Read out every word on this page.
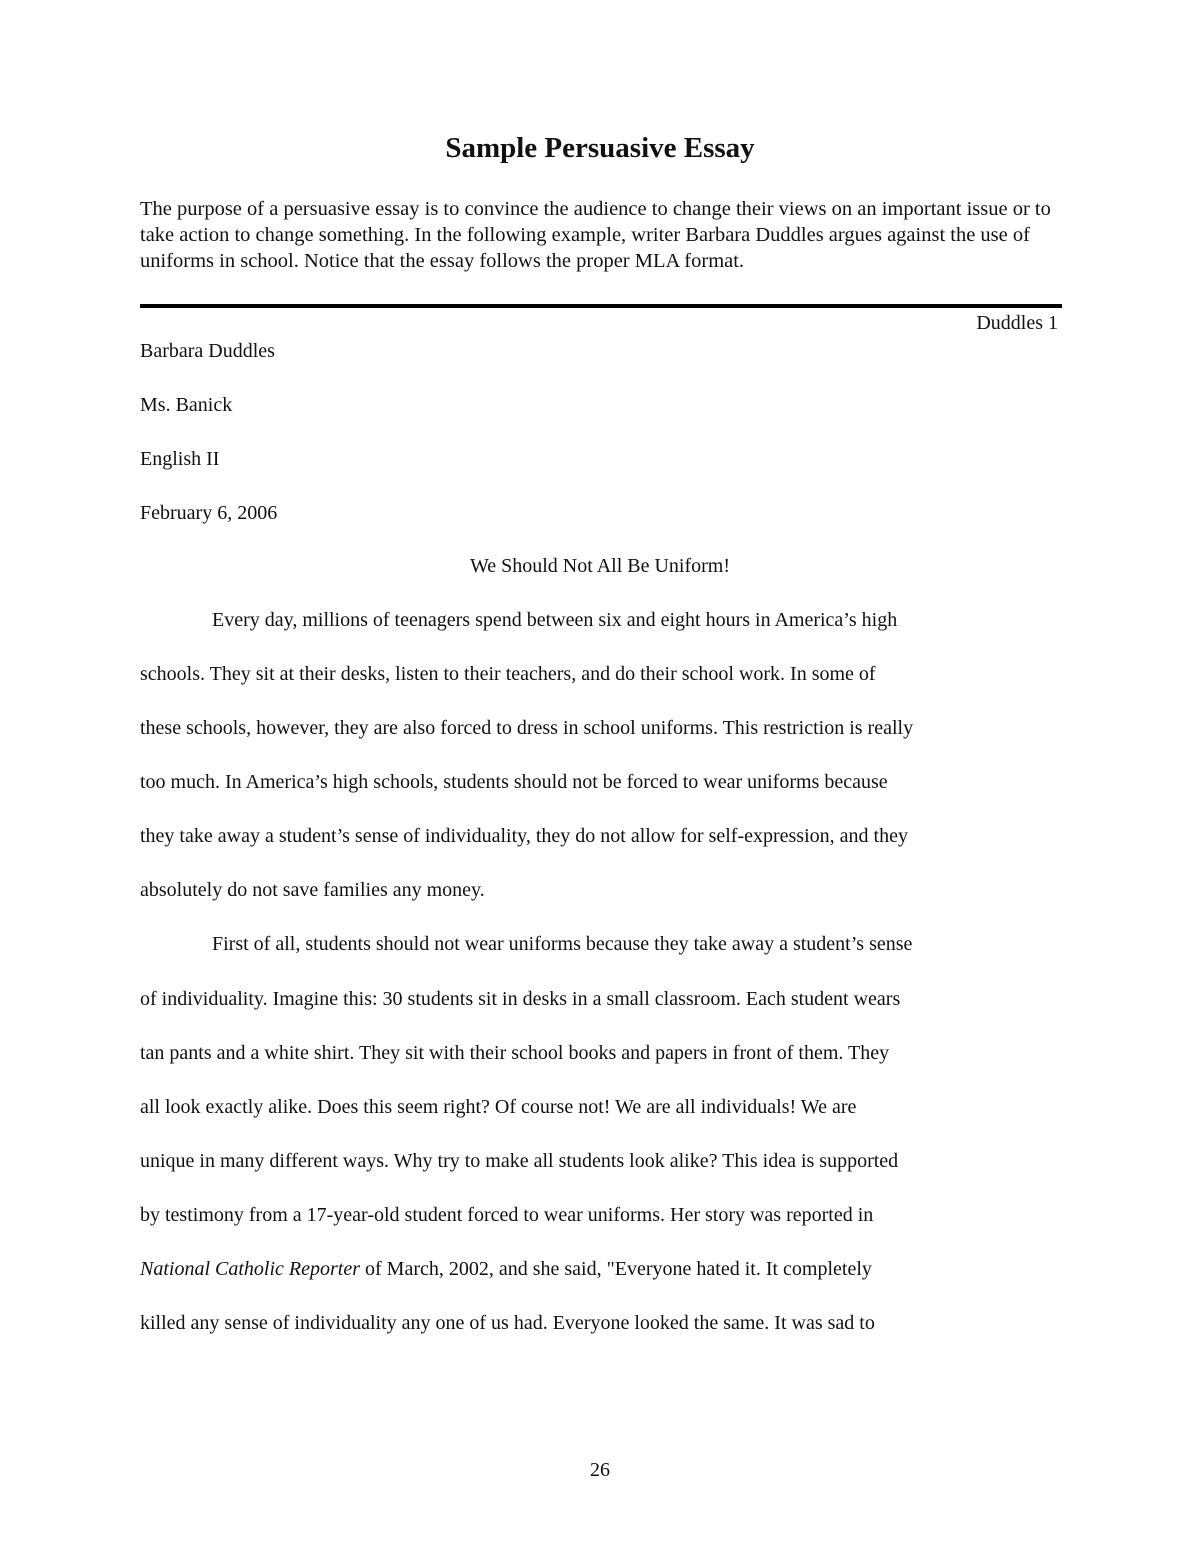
Sample Persuasive Essay
The purpose of a persuasive essay is to convince the audience to change their views on an important issue or to take action to change something. In the following example, writer Barbara Duddles argues against the use of uniforms in school. Notice that the essay follows the proper MLA format.
Duddles 1
Barbara Duddles
Ms. Banick
English II
February 6, 2006
We Should Not All Be Uniform!
Every day, millions of teenagers spend between six and eight hours in America’s high
schools. They sit at their desks, listen to their teachers, and do their school work. In some of
these schools, however, they are also forced to dress in school uniforms. This restriction is really
too much. In America’s high schools, students should not be forced to wear uniforms because
they take away a student’s sense of individuality, they do not allow for self-expression, and they
absolutely do not save families any money.
First of all, students should not wear uniforms because they take away a student’s sense
of individuality. Imagine this: 30 students sit in desks in a small classroom. Each student wears
tan pants and a white shirt. They sit with their school books and papers in front of them. They
all look exactly alike. Does this seem right? Of course not! We are all individuals! We are
unique in many different ways. Why try to make all students look alike? This idea is supported
by testimony from a 17-year-old student forced to wear uniforms. Her story was reported in
National Catholic Reporter of March, 2002, and she said, "Everyone hated it. It completely
killed any sense of individuality any one of us had. Everyone looked the same. It was sad to
26
